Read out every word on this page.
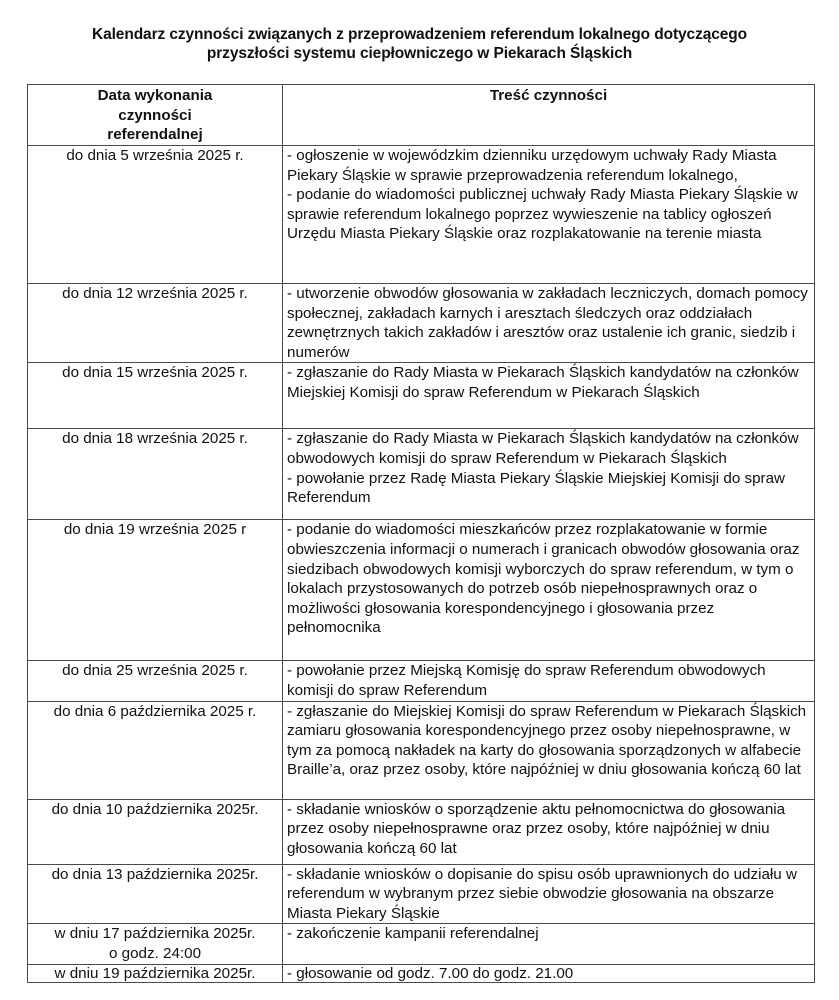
Kalendarz czynności związanych z przeprowadzeniem referendum lokalnego dotyczącego
przyszłości systemu ciepłowniczego w Piekarach Śląskich
Data wykonania czynności referendalnej	Treść czynności

do dnia 5 września 2025 r.	- ogłoszenie w wojewódzkim dzienniku urzędowym uchwały Rady Miasta Piekary Śląskie w sprawie przeprowadzenia referendum lokalnego,
- podanie do wiadomości publicznej uchwały Rady Miasta Piekary Śląskie w sprawie referendum lokalnego poprzez wywieszenie na tablicy ogłoszeń Urzędu Miasta Piekary Śląskie oraz rozplakatowanie na terenie miasta

do dnia 12 września 2025 r.	- utworzenie obwodów głosowania w zakładach leczniczych, domach pomocy społecznej, zakładach karnych i aresztach śledczych oraz oddziałach zewnętrznych takich zakładów i aresztów oraz ustalenie ich granic, siedzib i numerów

do dnia 15 września 2025 r.	- zgłaszanie do Rady Miasta w Piekarach Śląskich kandydatów na członków Miejskiej Komisji do spraw Referendum w Piekarach Śląskich

do dnia 18 września 2025 r.	- zgłaszanie do Rady Miasta w Piekarach Śląskich kandydatów na członków obwodowych komisji do spraw Referendum w Piekarach Śląskich
- powołanie przez Radę Miasta Piekary Śląskie Miejskiej Komisji do spraw Referendum

do dnia 19 września 2025 r	- podanie do wiadomości mieszkańców przez rozplakatowanie w formie obwieszczenia informacji o numerach i granicach obwodów głosowania oraz siedzibach obwodowych komisji wyborczych do spraw referendum, w tym o lokalach przystosowanych do potrzeb osób niepełnosprawnych oraz o możliwości głosowania korespondencyjnego i głosowania przez pełnomocnika

do dnia 25 września 2025 r.	- powołanie przez Miejską Komisję do spraw Referendum obwodowych komisji do spraw Referendum

do dnia 6 października 2025 r.	- zgłaszanie do Miejskiej Komisji do spraw Referendum w Piekarach Śląskich zamiaru głosowania korespondencyjnego przez osoby niepełnosprawne, w tym za pomocą nakładek na karty do głosowania sporządzonych w alfabecie Braille’a, oraz przez osoby, które najpóźniej w dniu głosowania kończą 60 lat

do dnia 10 października 2025r.	- składanie wniosków o sporządzenie aktu pełnomocnictwa do głosowania przez osoby niepełnosprawne oraz przez osoby, które najpóźniej w dniu głosowania kończą 60 lat

do dnia 13 października 2025r.	- składanie wniosków o dopisanie do spisu osób uprawnionych do udziału w referendum w wybranym przez siebie obwodzie głosowania na obszarze Miasta Piekary Śląskie

w dniu 17 października 2025r.
o godz. 24:00	- zakończenie kampanii referendalnej

w dniu 19 października 2025r.	- głosowanie od godz. 7.00 do godz. 21.00
